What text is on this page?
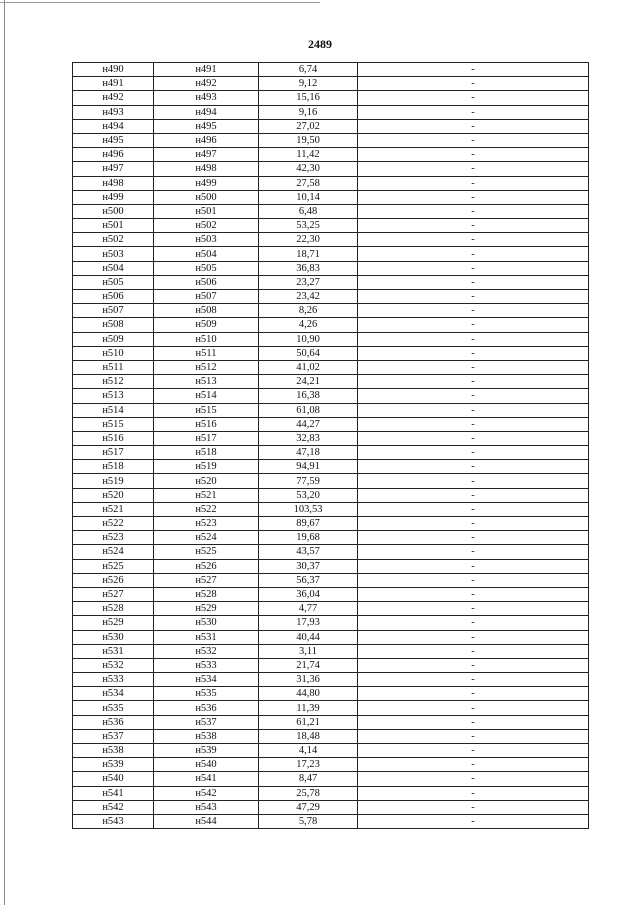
2489
н490	н491	6,74	-
н491	н492	9,12	-
н492	н493	15,16	-
н493	н494	9,16	-
н494	н495	27,02	-
н495	н496	19,50	-
н496	н497	11,42	-
н497	н498	42,30	-
н498	н499	27,58	-
н499	н500	10,14	-
н500	н501	6,48	-
н501	н502	53,25	-
н502	н503	22,30	-
н503	н504	18,71	-
н504	н505	36,83	-
н505	н506	23,27	-
н506	н507	23,42	-
н507	н508	8,26	-
н508	н509	4,26	-
н509	н510	10,90	-
н510	н511	50,64	-
н511	н512	41,02	-
н512	н513	24,21	-
н513	н514	16,38	-
н514	н515	61,08	-
н515	н516	44,27	-
н516	н517	32,83	-
н517	н518	47,18	-
н518	н519	94,91	-
н519	н520	77,59	-
н520	н521	53,20	-
н521	н522	103,53	-
н522	н523	89,67	-
н523	н524	19,68	-
н524	н525	43,57	-
н525	н526	30,37	-
н526	н527	56,37	-
н527	н528	36,04	-
н528	н529	4,77	-
н529	н530	17,93	-
н530	н531	40,44	-
н531	н532	3,11	-
н532	н533	21,74	-
н533	н534	31,36	-
н534	н535	44,80	-
н535	н536	11,39	-
н536	н537	61,21	-
н537	н538	18,48	-
н538	н539	4,14	-
н539	н540	17,23	-
н540	н541	8,47	-
н541	н542	25,78	-
н542	н543	47,29	-
н543	н544	5,78	-
